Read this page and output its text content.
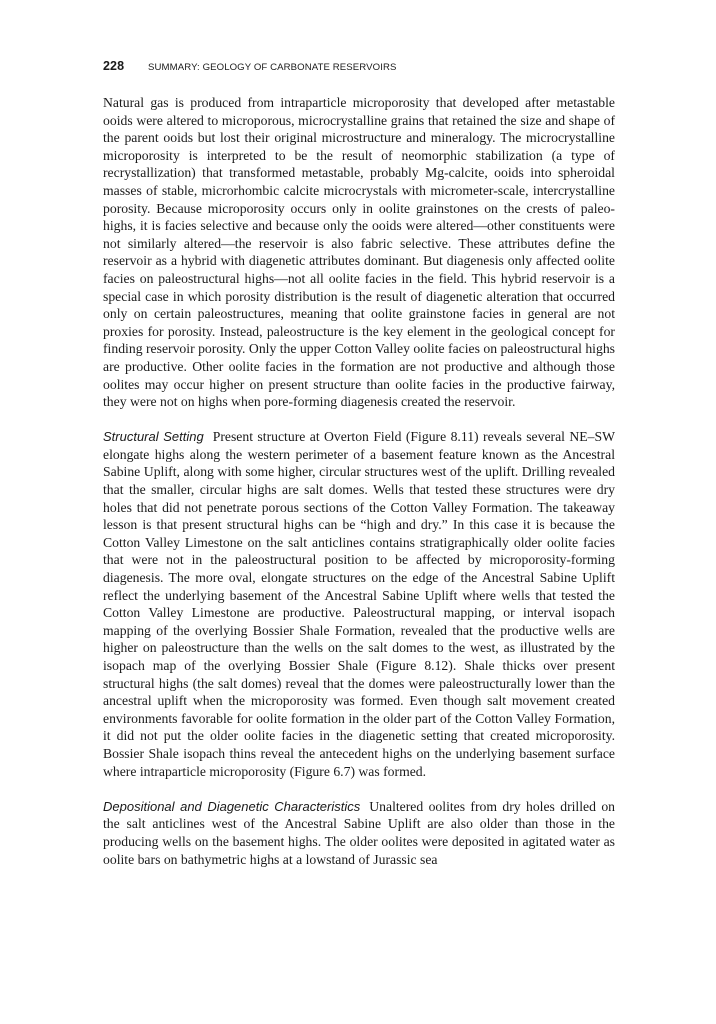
228 SUMMARY: GEOLOGY OF CARBONATE RESERVOIRS

Natural gas is produced from intraparticle microporosity that developed after metastable ooids were altered to microporous, microcrystalline grains that retained the size and shape of the parent ooids but lost their original microstructure and mineralogy. The microcrystalline microporosity is interpreted to be the result of neomorphic stabilization (a type of recrystallization) that transformed metastable, probably Mg-calcite, ooids into spheroidal masses of stable, microrhombic calcite microcrystals with micrometer-scale, intercrystalline porosity. Because microporosity occurs only in oolite grainstones on the crests of paleo-highs, it is facies selective and because only the ooids were altered—other constituents were not similarly altered—the reservoir is also fabric selective. These attributes define the reservoir as a hybrid with diagenetic attributes dominant. But diagenesis only affected oolite facies on paleostructural highs—not all oolite facies in the field. This hybrid reservoir is a special case in which porosity distribution is the result of diagenetic alteration that occurred only on certain paleostructures, meaning that oolite grainstone facies in general are not proxies for porosity. Instead, paleostructure is the key element in the geological concept for finding reservoir porosity. Only the upper Cotton Valley oolite facies on paleostructural highs are productive. Other oolite facies in the formation are not productive and although those oolites may occur higher on present structure than oolite facies in the productive fairway, they were not on highs when pore-forming diagenesis created the reservoir.

Structural Setting Present structure at Overton Field (Figure 8.11) reveals several NE–SW elongate highs along the western perimeter of a basement feature known as the Ancestral Sabine Uplift, along with some higher, circular structures west of the uplift. Drilling revealed that the smaller, circular highs are salt domes. Wells that tested these structures were dry holes that did not penetrate porous sections of the Cotton Valley Formation. The takeaway lesson is that present structural highs can be “high and dry.” In this case it is because the Cotton Valley Limestone on the salt anticlines contains stratigraphically older oolite facies that were not in the paleostructural position to be affected by microporosity-forming diagenesis. The more oval, elongate structures on the edge of the Ancestral Sabine Uplift reflect the underlying basement of the Ancestral Sabine Uplift where wells that tested the Cotton Valley Limestone are productive. Paleostructural mapping, or interval isopach mapping of the overlying Bossier Shale Formation, revealed that the productive wells are higher on paleostructure than the wells on the salt domes to the west, as illustrated by the isopach map of the overlying Bossier Shale (Figure 8.12). Shale thicks over present structural highs (the salt domes) reveal that the domes were paleostructurally lower than the ancestral uplift when the microporosity was formed. Even though salt movement created environments favorable for oolite formation in the older part of the Cotton Valley Formation, it did not put the older oolite facies in the diagenetic setting that created microporosity. Bossier Shale isopach thins reveal the antecedent highs on the underlying basement surface where intraparticle microporosity (Figure 6.7) was formed.

Depositional and Diagenetic Characteristics Unaltered oolites from dry holes drilled on the salt anticlines west of the Ancestral Sabine Uplift are also older than those in the producing wells on the basement highs. The older oolites were deposited in agitated water as oolite bars on bathymetric highs at a lowstand of Jurassic sea
